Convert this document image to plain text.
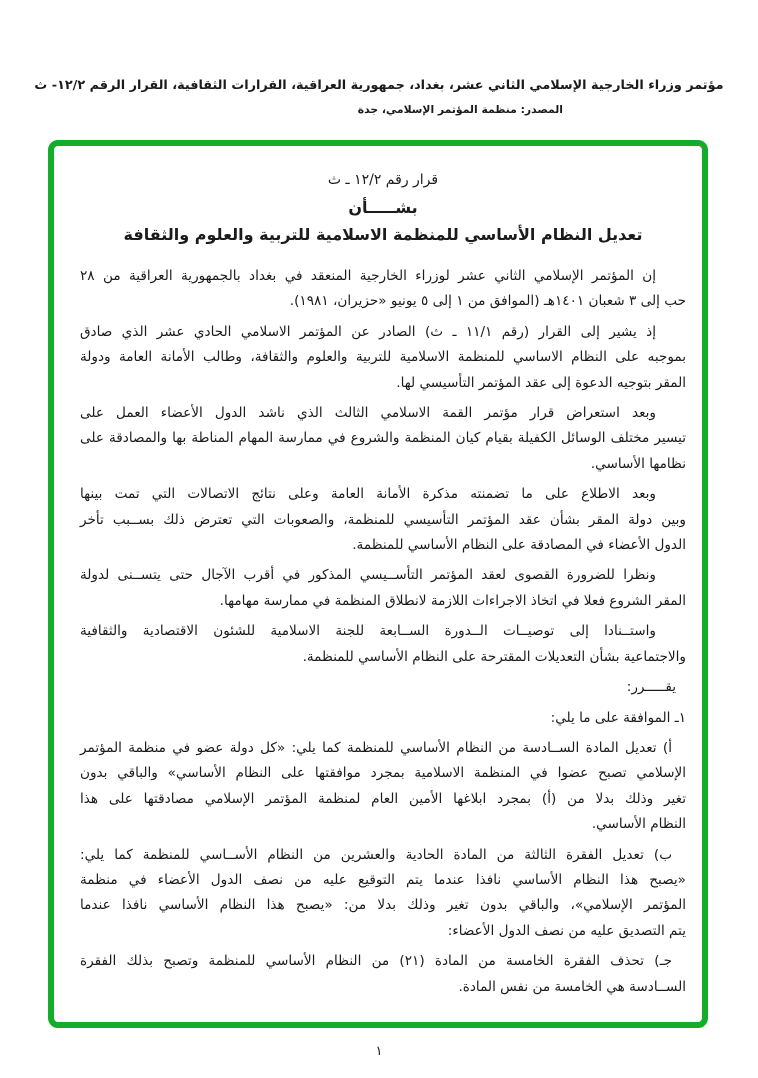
مؤتمر وزراء الخارجية الإسلامي الثاني عشر، بغداد، جمهورية العراقية، القرارات الثقافية، القرار الرقم ١٢/٢- ث
المصدر: منظمة المؤتمر الإسلامي، جدة
قرار رقم ١٢/٢ ـ ث
بشـــــأن
تعديل النظام الأساسي للمنظمة الاسلامية للتربية والعلوم والثقافة
إن المؤتمر الإسلامي الثاني عشر لوزراء الخارجية المنعقد في بغداد بالجمهورية العراقية من ٢٨
حب إلى ٣ شعبان ١٤٠١هـ (الموافق من ١ إلى ٥ يونيو «حزيران، ١٩٨١).
إذ يشير إلى القرار (رقم ١١/١ ـ ث) الصادر عن المؤتمر الاسلامي الحادي عشر الذي صادق
بموجبه على النظام الاساسي للمنظمة الاسلامية للتربية والعلوم والثقافة، وطالب الأمانة العامة ودولة
المقر بتوجيه الدعوة إلى عقد المؤتمر التأسيسي لها.
وبعد استعراض قرار مؤتمر القمة الاسلامي الثالث الذي ناشد الدول الأعضاء العمل على
تيسير مختلف الوسائل الكفيلة بقيام كيان المنظمة والشروع في ممارسة المهام المناطة بها والمصادقة على
نظامها الأساسي.
وبعد الاطلاع على ما تضمنته مذكرة الأمانة العامة وعلى نتائج الاتصالات التي تمت بينها
وبين دولة المقر بشأن عقد المؤتمر التأسيسي للمنظمة، والصعوبات التي تعترض ذلك بســبب تأخر
الدول الأعضاء في المصادقة على النظام الأساسي للمنظمة.
ونظرا للضرورة القصوى لعقد المؤتمر التأســيسي المذكور في أقرب الآجال حتى يتســنى لدولة
المقر الشروع فعلا في اتخاذ الاجراءات اللازمة لانطلاق المنظمة في ممارسة مهامها.
واستــنادا إلى توصيــات الــدورة الســابعة للجنة الاسلامية للشئون الاقتصادية والثقافية
والاجتماعية بشأن التعديلات المقترحة على النظام الأساسي للمنظمة.
يقـــــرر:
١ـ الموافقة على ما يلي:
أ) تعديل المادة الســادسة من النظام الأساسي للمنظمة كما يلي: «كل دولة عضو في منظمة المؤتمر
الإسلامي تصبح عضوا في المنظمة الاسلامية بمجرد موافقتها على النظام الأساسي» والباقي بدون
تغير وذلك بدلا من (أ) بمجرد ابلاغها الأمين العام لمنظمة المؤتمر الإسلامي مصادقتها على هذا
النظام الأساسي.
ب) تعديل الفقرة الثالثة من المادة الحادية والعشرين من النظام الأســاسي للمنظمة كما يلي:
«يصبح هذا النظام الأساسي نافذا عندما يتم التوقيع عليه من نصف الدول الأعضاء في منظمة
المؤتمر الإسلامي»، والباقي بدون تغير وذلك بدلا من: «يصبح هذا النظام الأساسي نافذا عندما
يتم التصديق عليه من نصف الدول الأعضاء:
جـ) تحذف الفقرة الخامسة من المادة (٢١) من النظام الأساسي للمنظمة وتصبح بذلك الفقرة
الســادسة هي الخامسة من نفس المادة.
١
